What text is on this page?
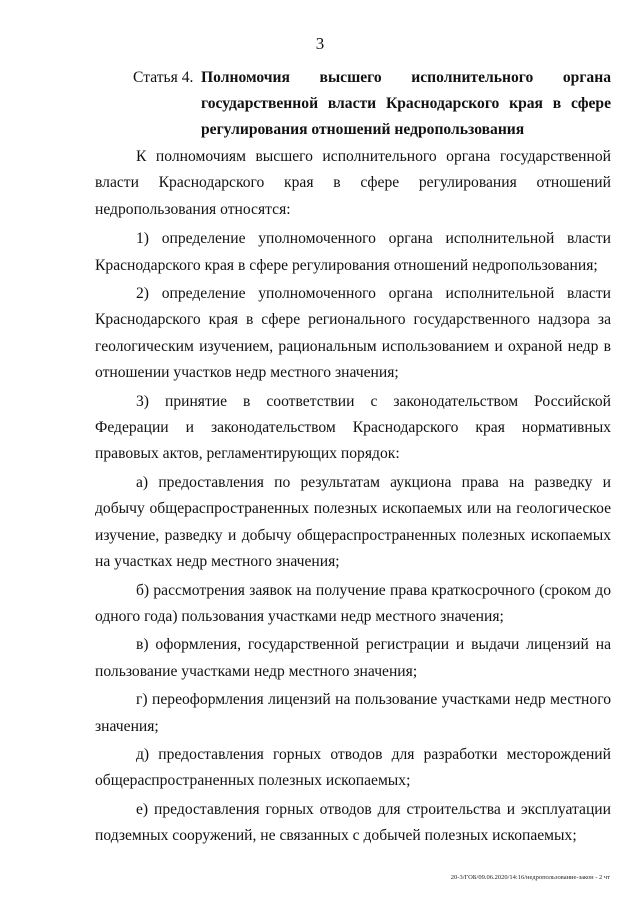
3
Статья 4. Полномочия высшего исполнительного органа государственной власти Краснодарского края в сфере регулирования отношений недропользования

К полномочиям высшего исполнительного органа государственной власти Краснодарского края в сфере регулирования отношений недропользования относятся:

1) определение уполномоченного органа исполнительной власти Краснодарского края в сфере регулирования отношений недропользования;

2) определение уполномоченного органа исполнительной власти Краснодарского края в сфере регионального государственного надзора за геологическим изучением, рациональным использованием и охраной недр в отношении участков недр местного значения;

3) принятие в соответствии с законодательством Российской Федерации и законодательством Краснодарского края нормативных правовых актов, регламентирующих порядок:

а) предоставления по результатам аукциона права на разведку и добычу общераспространенных полезных ископаемых или на геологическое изучение, разведку и добычу общераспространенных полезных ископаемых на участках недр местного значения;

б) рассмотрения заявок на получение права краткосрочного (сроком до одного года) пользования участками недр местного значения;

в) оформления, государственной регистрации и выдачи лицензий на пользование участками недр местного значения;

г) переоформления лицензий на пользование участками недр местного значения;

д) предоставления горных отводов для разработки месторождений общераспространенных полезных ископаемых;

е) предоставления горных отводов для строительства и эксплуатации подземных сооружений, не связанных с добычей полезных ископаемых;

20-3/ГОБ/09.06.2020/14:16/недропользование-закон - 2 чт
